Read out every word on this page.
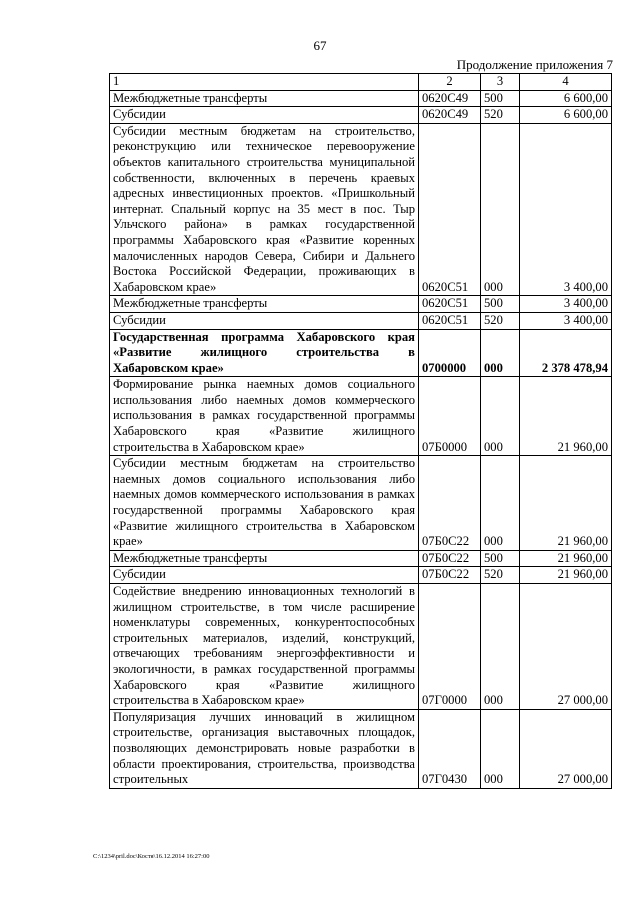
67
Продолжение приложения 7
1	2	3	4
Межбюджетные трансферты	0620С49	500	6 600,00
Субсидии	0620С49	520	6 600,00
Субсидии местным бюджетам на строительство, реконструкцию или техническое перевооружение объектов капитального строительства муниципальной собственности, включенных в перечень краевых адресных инвестиционных проектов. «Пришкольный интернат. Спальный корпус на 35 мест в пос. Тыр Ульчского района» в рамках государственной программы Хабаровского края «Развитие коренных малочисленных народов Севера, Сибири и Дальнего Востока Российской Федерации, проживающих в Хабаровском крае»	0620С51	000	3 400,00
Межбюджетные трансферты	0620С51	500	3 400,00
Субсидии	0620С51	520	3 400,00
Государственная программа Хабаровского края «Развитие жилищного строительства в Хабаровском крае»	0700000	000	2 378 478,94
Формирование рынка наемных домов социального использования либо наемных домов коммерческого использования в рамках государственной программы Хабаровского края «Развитие жилищного строительства в Хабаровском крае»	07Б0000	000	21 960,00
Субсидии местным бюджетам на строительство наемных домов социального использования либо наемных домов коммерческого использования в рамках государственной программы Хабаровского края «Развитие жилищного строительства в Хабаровском крае»	07Б0С22	000	21 960,00
Межбюджетные трансферты	07Б0С22	500	21 960,00
Субсидии	07Б0С22	520	21 960,00
Содействие внедрению инновационных технологий в жилищном строительстве, в том числе расширение номенклатуры современных, конкурентоспособных строительных материалов, изделий, конструкций, отвечающих требованиям энергоэффективности и экологичности, в рамках государственной программы Хабаровского края «Развитие жилищного строительства в Хабаровском крае»	07Г0000	000	27 000,00
Популяризация лучших инноваций в жилищном строительстве, организация выставочных площадок, позволяющих демонстрировать новые разработки в области проектирования, строительства, производства строительных	07Г0430	000	27 000,00
C:\1234\pril.doc\Костя\16.12.2014 16:27:00
